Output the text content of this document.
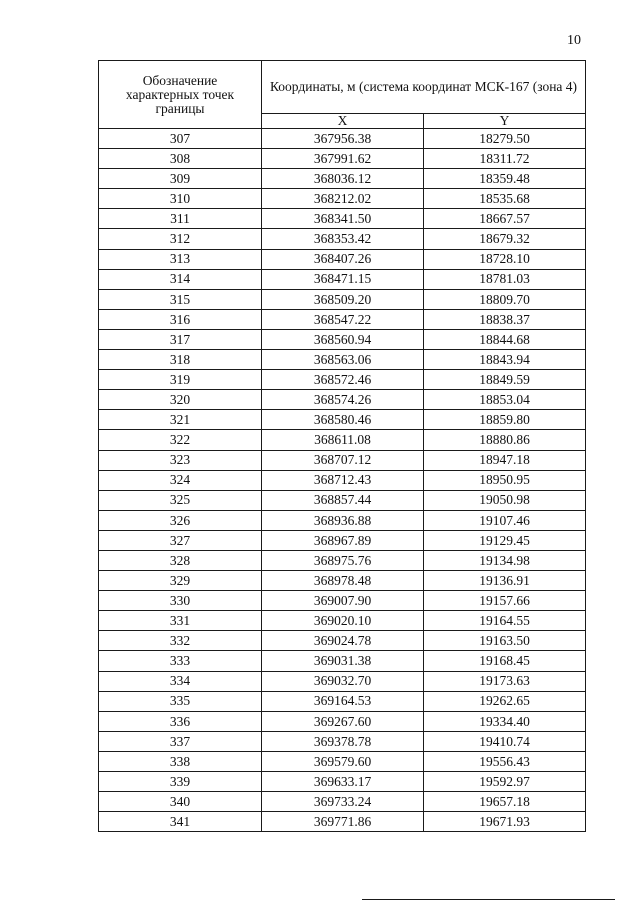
10
Обозначение характерных точек границы	Координаты, м (система координат МСК-167 (зона 4)	

	X	Y
307	367956.38	18279.50
308	367991.62	18311.72
309	368036.12	18359.48
310	368212.02	18535.68
311	368341.50	18667.57
312	368353.42	18679.32
313	368407.26	18728.10
314	368471.15	18781.03
315	368509.20	18809.70
316	368547.22	18838.37
317	368560.94	18844.68
318	368563.06	18843.94
319	368572.46	18849.59
320	368574.26	18853.04
321	368580.46	18859.80
322	368611.08	18880.86
323	368707.12	18947.18
324	368712.43	18950.95
325	368857.44	19050.98
326	368936.88	19107.46
327	368967.89	19129.45
328	368975.76	19134.98
329	368978.48	19136.91
330	369007.90	19157.66
331	369020.10	19164.55
332	369024.78	19163.50
333	369031.38	19168.45
334	369032.70	19173.63
335	369164.53	19262.65
336	369267.60	19334.40
337	369378.78	19410.74
338	369579.60	19556.43
339	369633.17	19592.97
340	369733.24	19657.18
341	369771.86	19671.93
